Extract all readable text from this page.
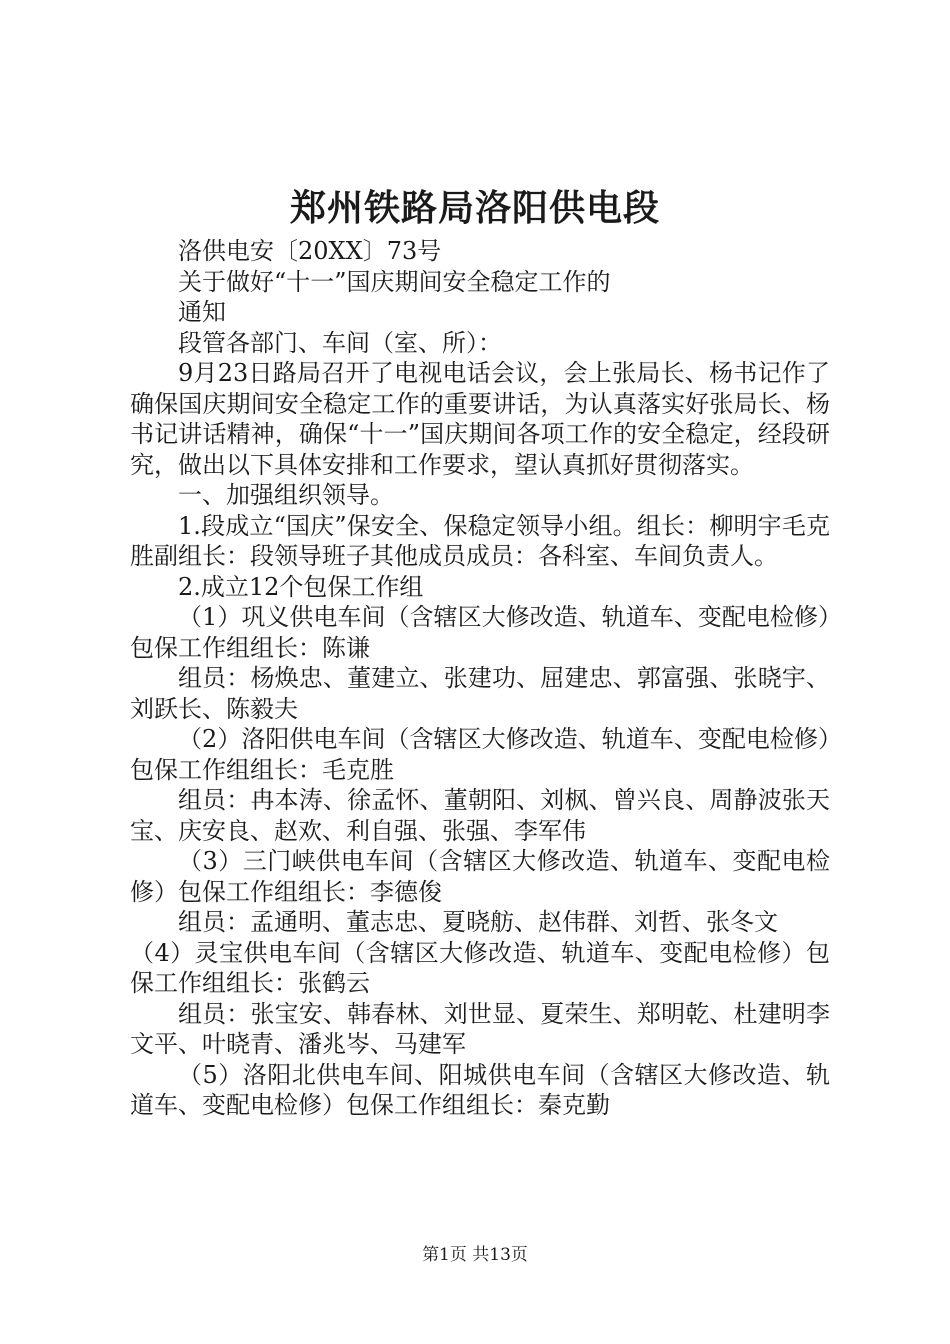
郑州铁路局洛阳供电段

洛供电安〔20XX〕73号

关于做好“十一”国庆期间安全稳定工作的

通知

段管各部门、车间（室、所）：

9月23日路局召开了电视电话会议，会上张局长、杨书记作了确保国庆期间安全稳定工作的重要讲话，为认真落实好张局长、杨书记讲话精神，确保“十一”国庆期间各项工作的安全稳定，经段研究，做出以下具体安排和工作要求，望认真抓好贯彻落实。

一、加强组织领导。

1.段成立“国庆”保安全、保稳定领导小组。组长：柳明宇毛克胜副组长：段领导班子其他成员成员：各科室、车间负责人。

2.成立12个包保工作组

（1）巩义供电车间（含辖区大修改造、轨道车、变配电检修）包保工作组组长：陈谦

组员：杨焕忠、董建立、张建功、屈建忠、郭富强、张晓宇、刘跃长、陈毅夫

（2）洛阳供电车间（含辖区大修改造、轨道车、变配电检修）包保工作组组长：毛克胜

组员：冉本涛、徐孟怀、董朝阳、刘枫、曾兴良、周静波张天宝、庆安良、赵欢、利自强、张强、李军伟

（3）三门峡供电车间（含辖区大修改造、轨道车、变配电检修）包保工作组组长：李德俊

组员：孟通明、董志忠、夏晓舫、赵伟群、刘哲、张冬文

（4）灵宝供电车间（含辖区大修改造、轨道车、变配电检修）包保工作组组长：张鹤云

组员：张宝安、韩春林、刘世显、夏荣生、郑明乾、杜建明李文平、叶晓青、潘兆岑、马建军

（5）洛阳北供电车间、阳城供电车间（含辖区大修改造、轨道车、变配电检修）包保工作组组长：秦克勤

第1页 共13页
